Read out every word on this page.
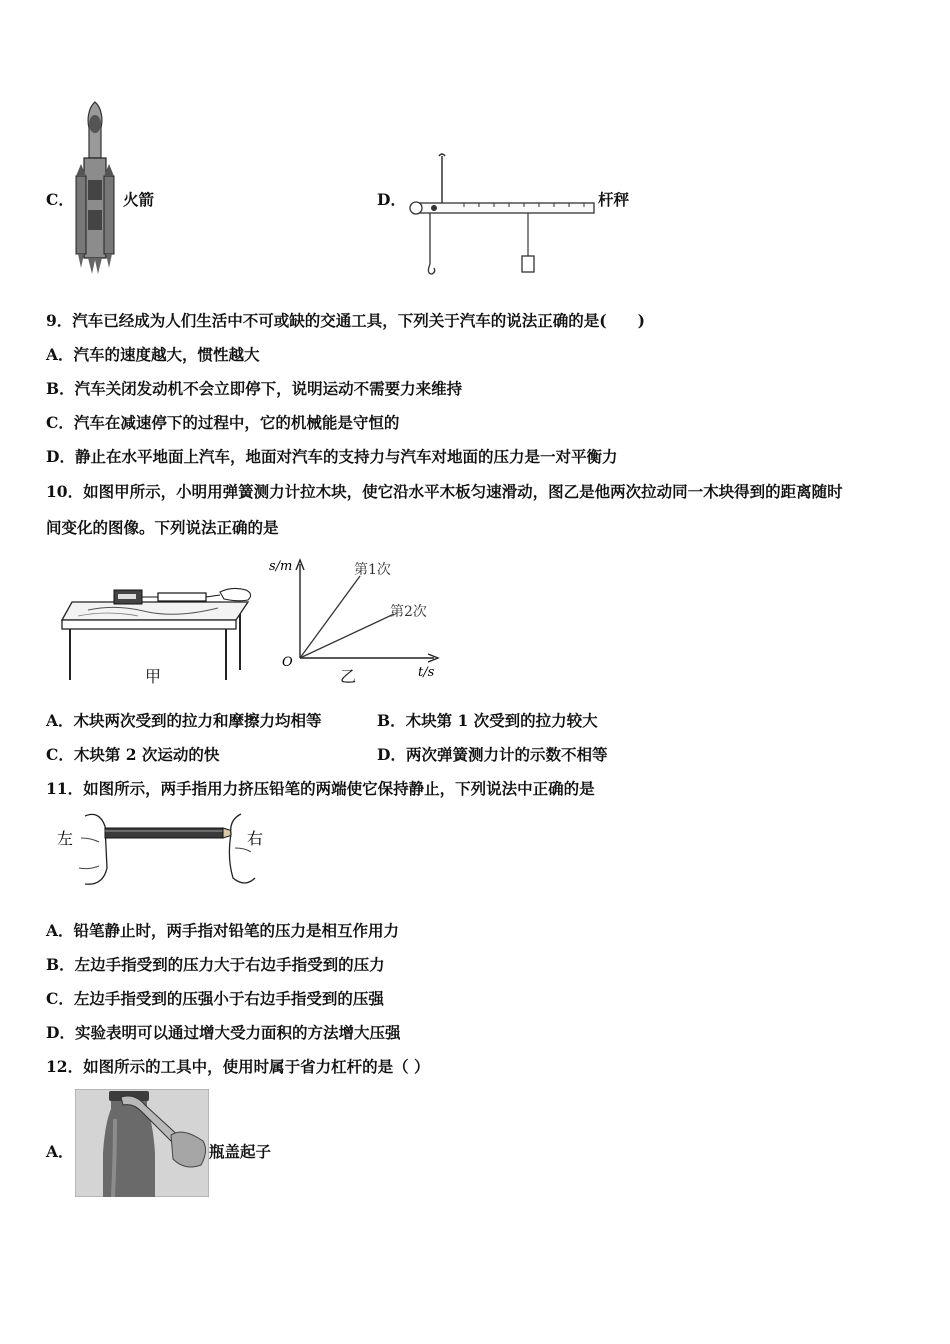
C．	火箭	D．	杆秤
9．汽车已经成为人们生活中不可或缺的交通工具，下列关于汽车的说法正确的是(　　)
A．汽车的速度越大，惯性越大
B．汽车关闭发动机不会立即停下，说明运动不需要力来维持
C．汽车在减速停下的过程中，它的机械能是守恒的
D．静止在水平地面上汽车，地面对汽车的支持力与汽车对地面的压力是一对平衡力
10．如图甲所示，小明用弹簧测力计拉木块，使它沿水平木板匀速滑动，图乙是他两次拉动同一木块得到的距离随时
间变化的图像。下列说法正确的是
甲
s/m
t/s
O
第1次
第2次
乙
A．木块两次受到的拉力和摩擦力均相等	B．木块第 1 次受到的拉力较大
C．木块第 2 次运动的快	D．两次弹簧测力计的示数不相等
11．如图所示，两手指用力挤压铅笔的两端使它保持静止，下列说法中正确的是
左	右
A．铅笔静止时，两手指对铅笔的压力是相互作用力
B．左边手指受到的压力大于右边手指受到的压力
C．左边手指受到的压强小于右边手指受到的压强
D．实验表明可以通过增大受力面积的方法增大压强
12．如图所示的工具中，使用时属于省力杠杆的是（ ）
A．	瓶盖起子
